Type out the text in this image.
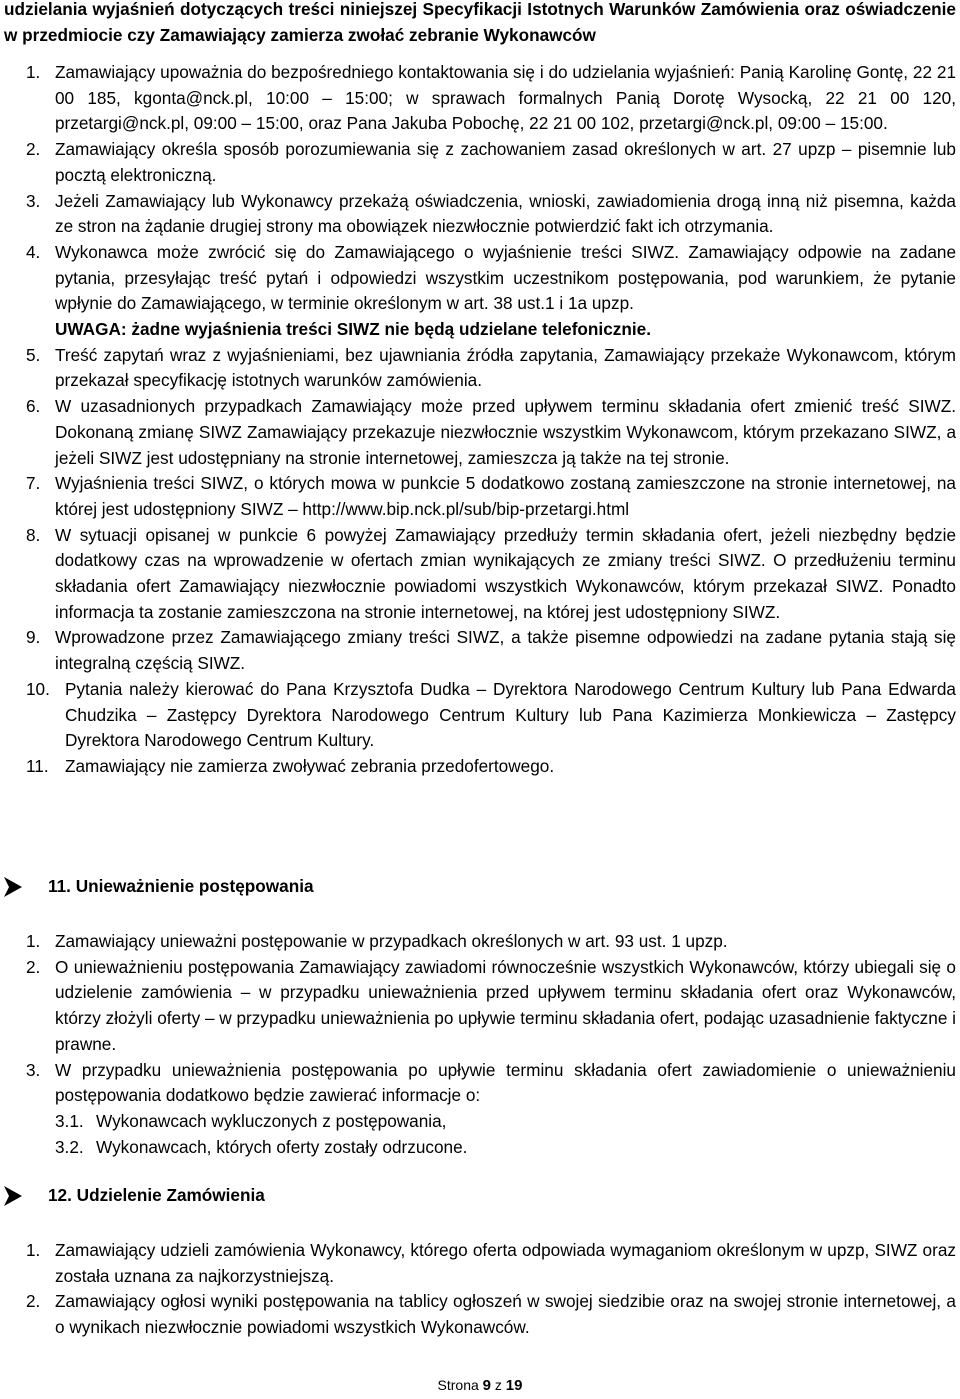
udzielania wyjaśnień dotyczących treści niniejszej Specyfikacji Istotnych Warunków Zamówienia oraz oświadczenie w przedmiocie czy Zamawiający zamierza zwołać zebranie Wykonawców
1. Zamawiający upoważnia do bezpośredniego kontaktowania się i do udzielania wyjaśnień: Panią Karolinę Gontę, 22 21 00 185, kgonta@nck.pl, 10:00 – 15:00; w sprawach formalnych Panią Dorotę Wysocką, 22 21 00 120, przetargi@nck.pl, 09:00 – 15:00, oraz Pana Jakuba Pobochę, 22 21 00 102, przetargi@nck.pl, 09:00 – 15:00.
2. Zamawiający określa sposób porozumiewania się z zachowaniem zasad określonych w art. 27 upzp – pisemnie lub pocztą elektroniczną.
3. Jeżeli Zamawiający lub Wykonawcy przekażą oświadczenia, wnioski, zawiadomienia drogą inną niż pisemna, każda ze stron na żądanie drugiej strony ma obowiązek niezwłocznie potwierdzić fakt ich otrzymania.
4. Wykonawca może zwrócić się do Zamawiającego o wyjaśnienie treści SIWZ. Zamawiający odpowie na zadane pytania, przesyłając treść pytań i odpowiedzi wszystkim uczestnikom postępowania, pod warunkiem, że pytanie wpłynie do Zamawiającego, w terminie określonym w art. 38 ust.1 i 1a upzp.
UWAGA: żadne wyjaśnienia treści SIWZ nie będą udzielane telefonicznie.
5. Treść zapytań wraz z wyjaśnieniami, bez ujawniania źródła zapytania, Zamawiający przekaże Wykonawcom, którym przekazał specyfikację istotnych warunków zamówienia.
6. W uzasadnionych przypadkach Zamawiający może przed upływem terminu składania ofert zmienić treść SIWZ. Dokonaną zmianę SIWZ Zamawiający przekazuje niezwłocznie wszystkim Wykonawcom, którym przekazano SIWZ, a jeżeli SIWZ jest udostępniany na stronie internetowej, zamieszcza ją także na tej stronie.
7. Wyjaśnienia treści SIWZ, o których mowa w punkcie 5 dodatkowo zostaną zamieszczone na stronie internetowej, na której jest udostępniony SIWZ – http://www.bip.nck.pl/sub/bip-przetargi.html
8. W sytuacji opisanej w punkcie 6 powyżej Zamawiający przedłuży termin składania ofert, jeżeli niezbędny będzie dodatkowy czas na wprowadzenie w ofertach zmian wynikających ze zmiany treści SIWZ. O przedłużeniu terminu składania ofert Zamawiający niezwłocznie powiadomi wszystkich Wykonawców, którym przekazał SIWZ. Ponadto informacja ta zostanie zamieszczona na stronie internetowej, na której jest udostępniony SIWZ.
9. Wprowadzone przez Zamawiającego zmiany treści SIWZ, a także pisemne odpowiedzi na zadane pytania stają się integralną częścią SIWZ.
10. Pytania należy kierować do Pana Krzysztofa Dudka – Dyrektora Narodowego Centrum Kultury lub Pana Edwarda Chudzika – Zastępcy Dyrektora Narodowego Centrum Kultury lub Pana Kazimierza Monkiewicza – Zastępcy Dyrektora Narodowego Centrum Kultury.
11. Zamawiający nie zamierza zwoływać zebrania przedofertowego.
11. Unieważnienie postępowania
1. Zamawiający unieważni postępowanie w przypadkach określonych w art. 93 ust. 1 upzp.
2. O unieważnieniu postępowania Zamawiający zawiadomi równocześnie wszystkich Wykonawców, którzy ubiegali się o udzielenie zamówienia – w przypadku unieważnienia przed upływem terminu składania ofert oraz Wykonawców, którzy złożyli oferty – w przypadku unieważnienia po upływie terminu składania ofert, podając uzasadnienie faktyczne i prawne.
3. W przypadku unieważnienia postępowania po upływie terminu składania ofert zawiadomienie o unieważnieniu postępowania dodatkowo będzie zawierać informacje o:
3.1. Wykonawcach wykluczonych z postępowania,
3.2. Wykonawcach, których oferty zostały odrzucone.
12. Udzielenie Zamówienia
1. Zamawiający udzieli zamówienia Wykonawcy, którego oferta odpowiada wymaganiom określonym w upzp, SIWZ oraz została uznana za najkorzystniejszą.
2. Zamawiający ogłosi wyniki postępowania na tablicy ogłoszeń w swojej siedzibie oraz na swojej stronie internetowej, a o wynikach niezwłocznie powiadomi wszystkich Wykonawców.
Strona 9 z 19
